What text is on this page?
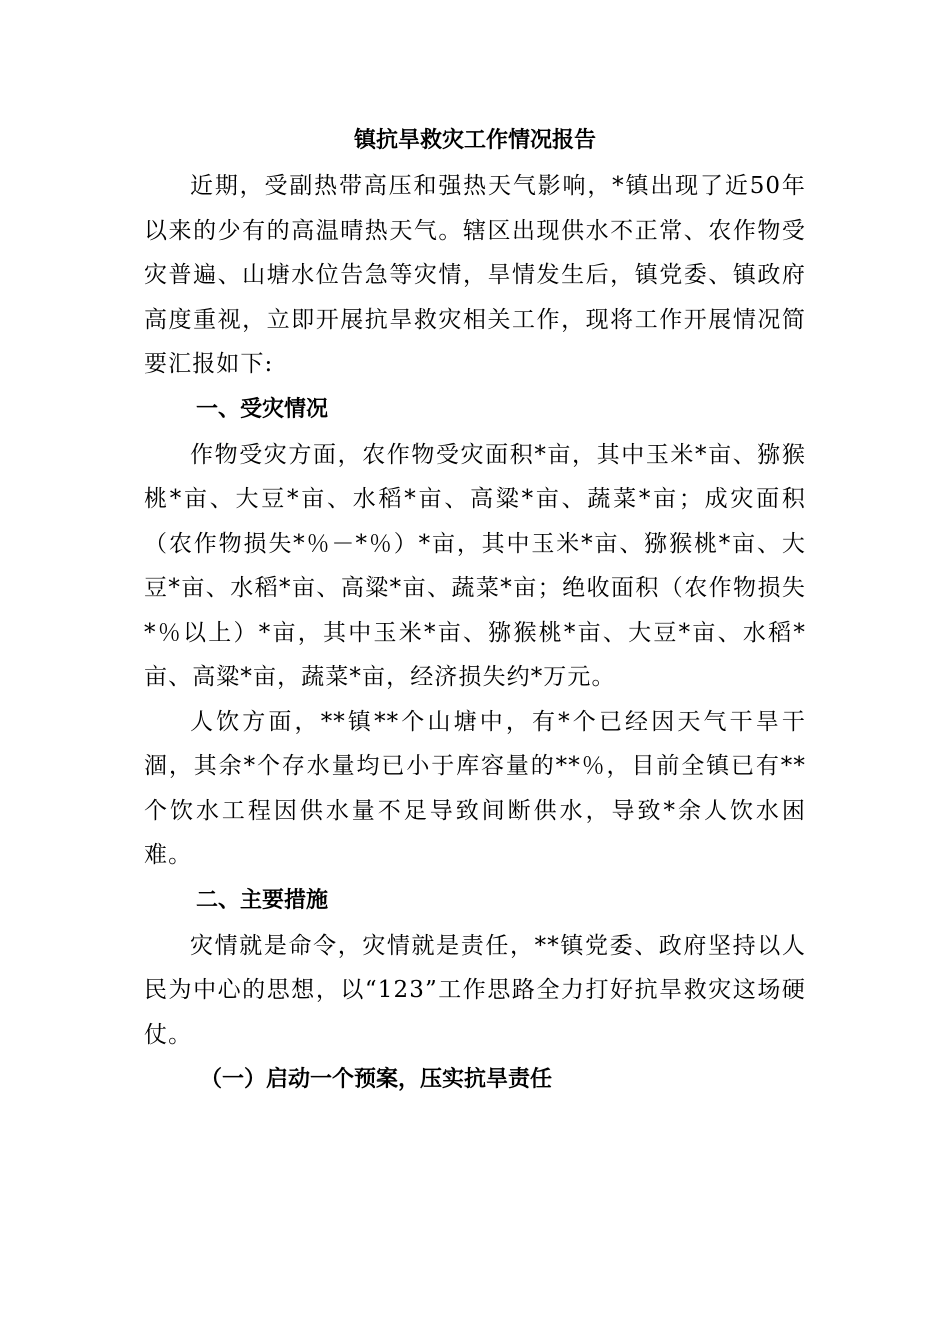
镇抗旱救灾工作情况报告

近期，受副热带高压和强热天气影响，*镇出现了近50年以来的少有的高温晴热天气。辖区出现供水不正常、农作物受灾普遍、山塘水位告急等灾情，旱情发生后，镇党委、镇政府高度重视，立即开展抗旱救灾相关工作，现将工作开展情况简要汇报如下:

一、受灾情况

作物受灾方面，农作物受灾面积*亩，其中玉米*亩、猕猴桃*亩、大豆*亩、水稻*亩、高粱*亩、蔬菜*亩；成灾面积（农作物损失*％－*％）*亩，其中玉米*亩、猕猴桃*亩、大豆*亩、水稻*亩、高粱*亩、蔬菜*亩；绝收面积（农作物损失*％以上）*亩，其中玉米*亩、猕猴桃*亩、大豆*亩、水稻*亩、高粱*亩，蔬菜*亩，经济损失约*万元。

人饮方面，**镇**个山塘中，有*个已经因天气干旱干涸，其余*个存水量均已小于库容量的**％，目前全镇已有**个饮水工程因供水量不足导致间断供水，导致*余人饮水困难。

二、主要措施

灾情就是命令，灾情就是责任，**镇党委、政府坚持以人民为中心的思想，以“123”工作思路全力打好抗旱救灾这场硬仗。

（一）启动一个预案，压实抗旱责任
